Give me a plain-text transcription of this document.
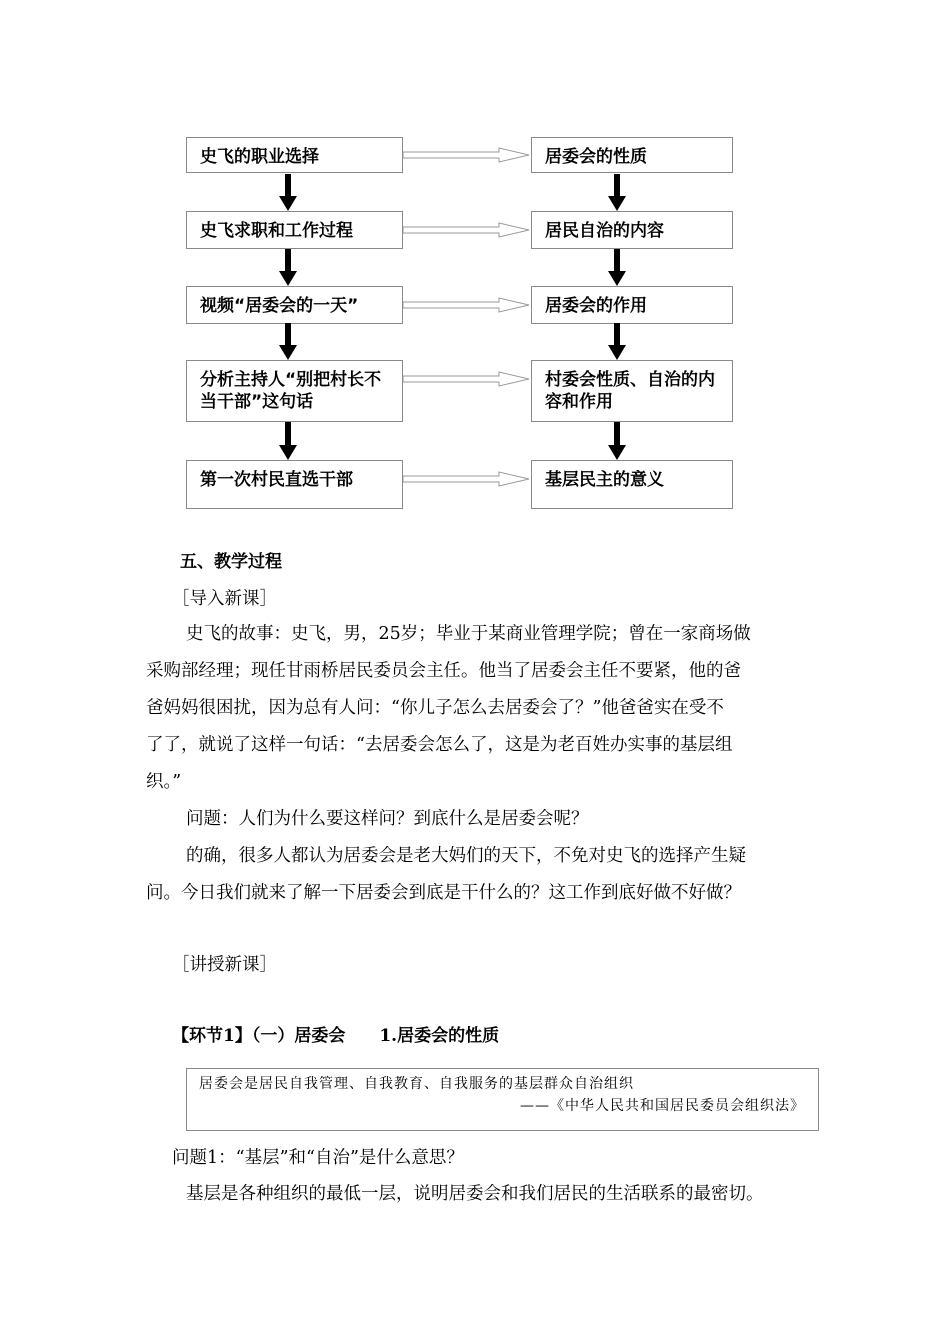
史飞的职业选择
史飞求职和工作过程
视频“居委会的一天”
分析主持人“别把村长不当干部”这句话
第一次村民直选干部
居委会的性质
居民自治的内容
居委会的作用
村委会性质、自治的内容和作用
基层民主的意义
五、教学过程
［导入新课］
史飞的故事：史飞，男，25岁；毕业于某商业管理学院；曾在一家商场做
采购部经理；现任甘雨桥居民委员会主任。他当了居委会主任不要紧，他的爸
爸妈妈很困扰，因为总有人问：“你儿子怎么去居委会了？”他爸爸实在受不
了了，就说了这样一句话：“去居委会怎么了，这是为老百姓办实事的基层组
织。”
问题：人们为什么要这样问？到底什么是居委会呢？
的确，很多人都认为居委会是老大妈们的天下，不免对史飞的选择产生疑
问。今日我们就来了解一下居委会到底是干什么的？这工作到底好做不好做？
［讲授新课］
【环节1】（一）居委会　　1.居委会的性质
居委会是居民自我管理、自我教育、自我服务的基层群众自治组织
——《中华人民共和国居民委员会组织法》
问题1：“基层”和“自治”是什么意思？
基层是各种组织的最低一层，说明居委会和我们居民的生活联系的最密切。
